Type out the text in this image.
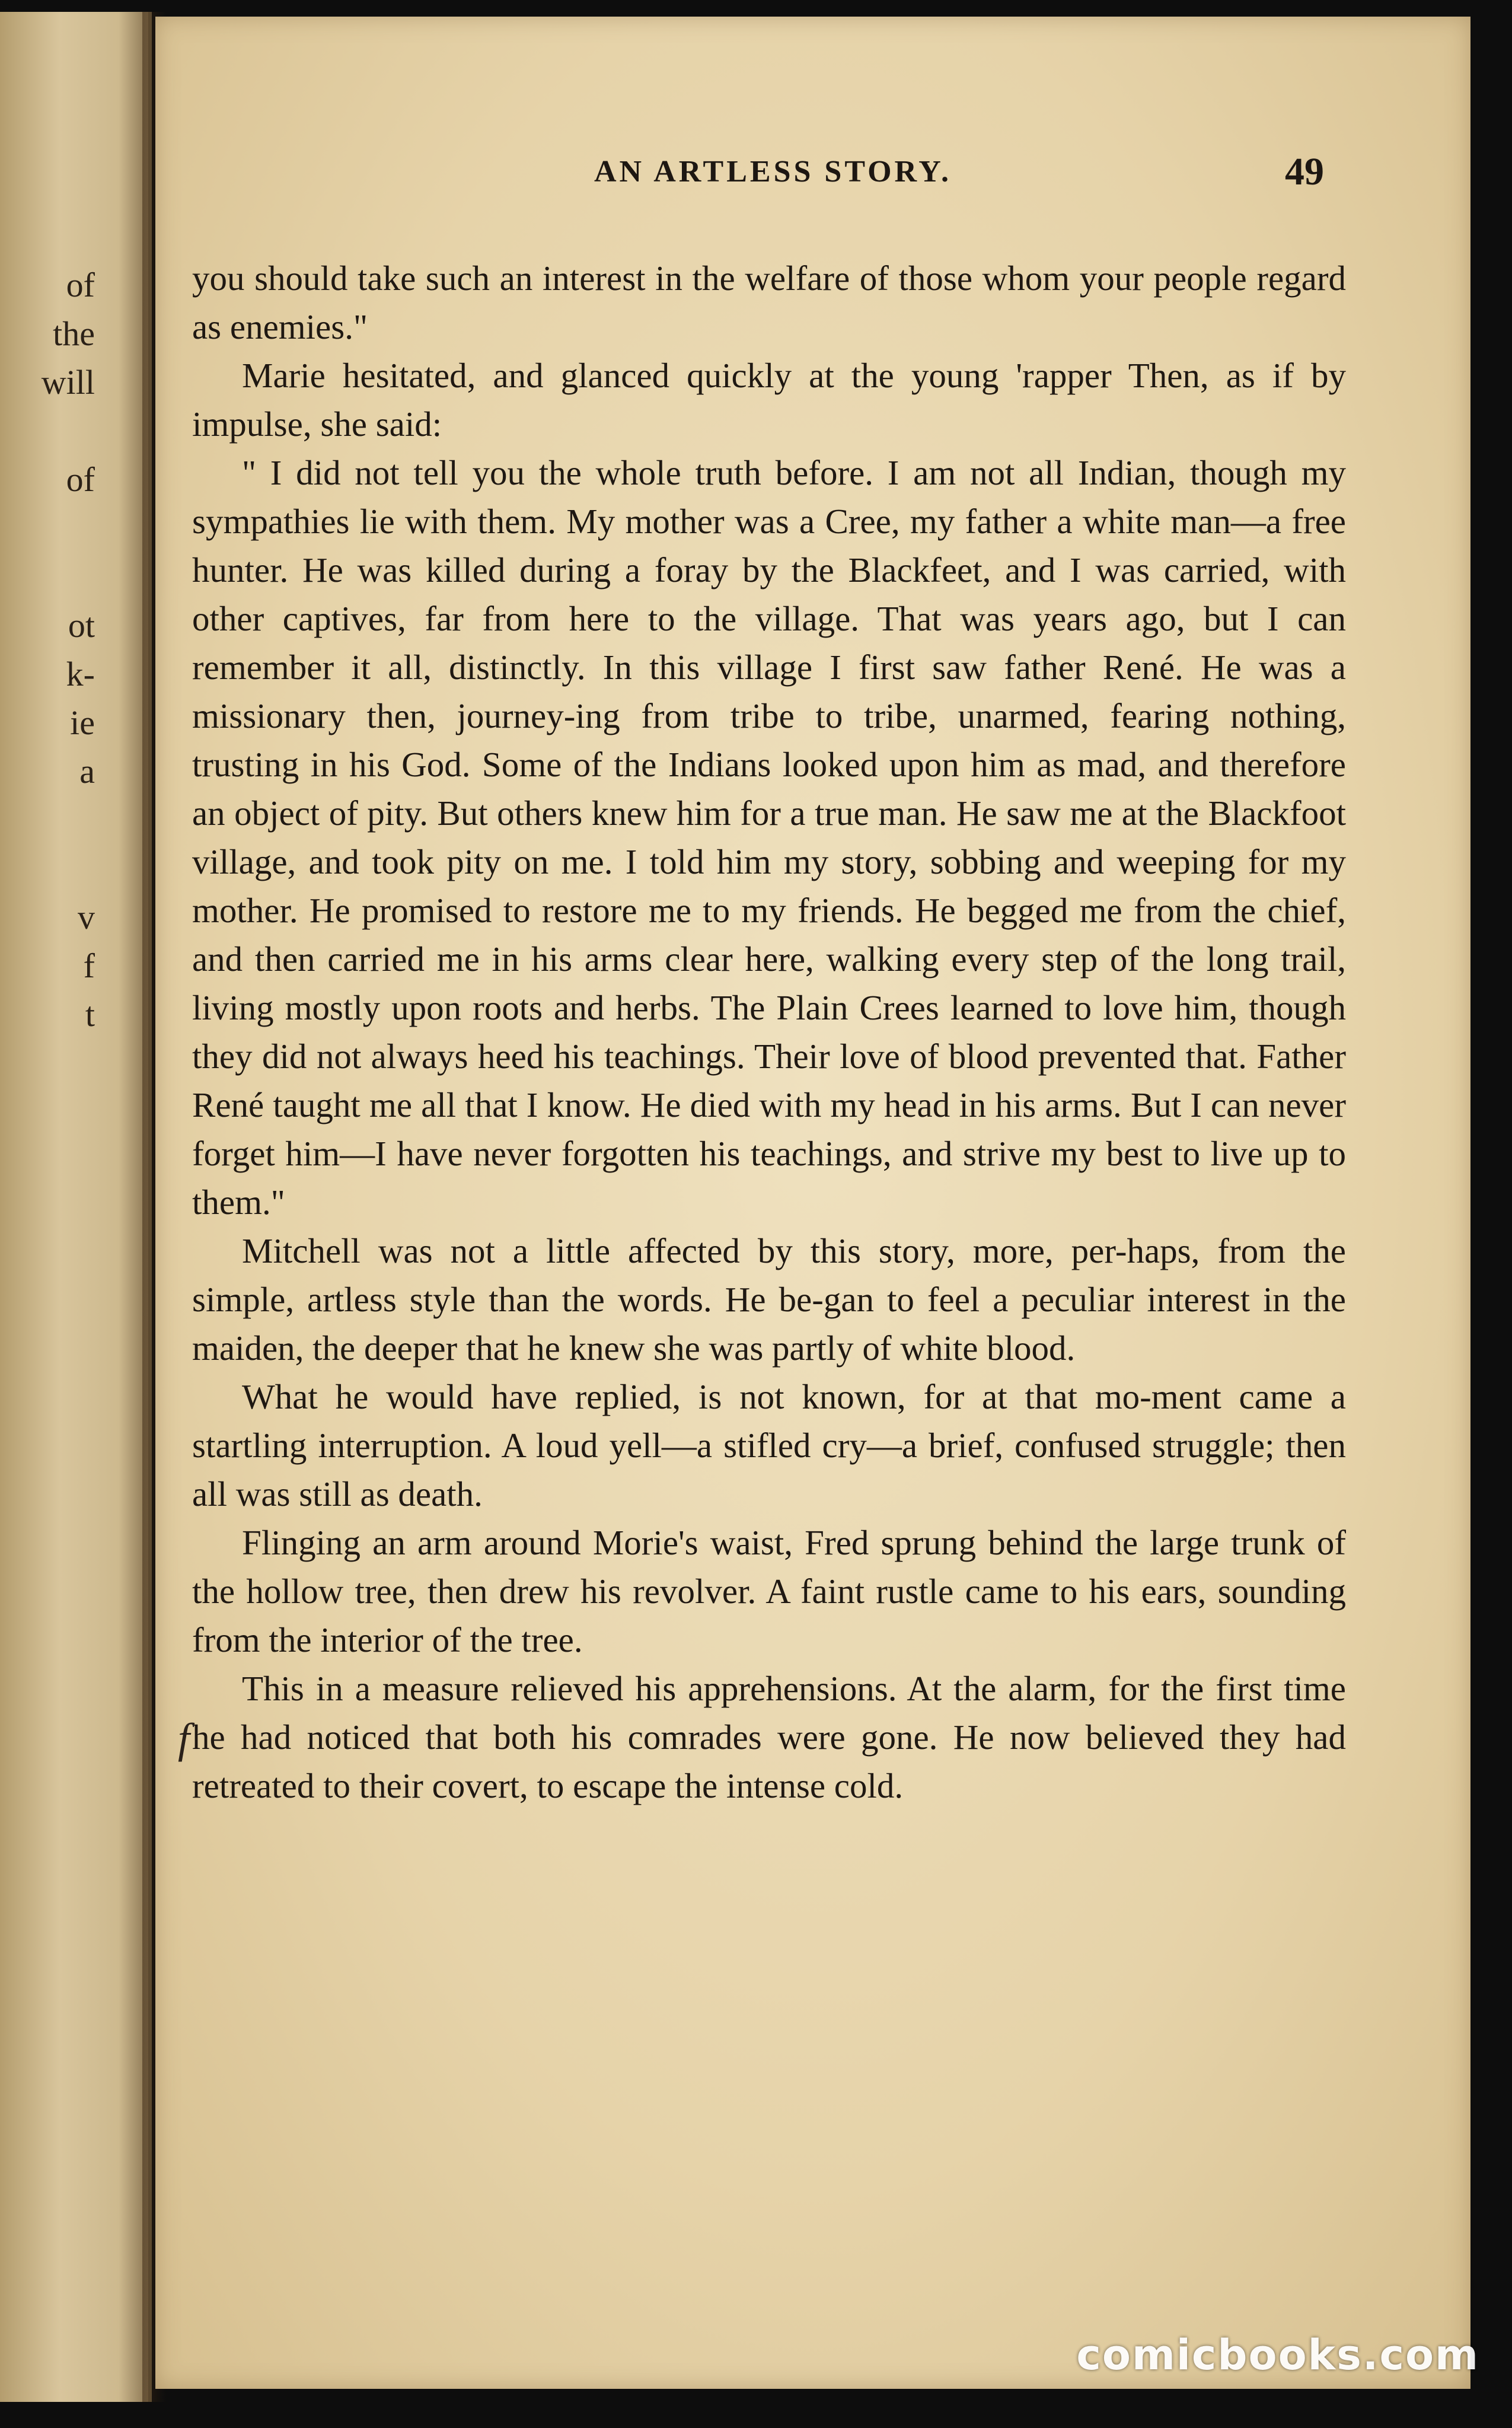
of
the
will
of
ot
k-
ie
a
v
f
t
AN ARTLESS STORY.	49

you should take such an interest in the welfare of those whom your people regard as enemies."

Marie hesitated, and glanced quickly at the young 'rapper Then, as if by impulse, she said:

" I did not tell you the whole truth before. I am not all Indian, though my sympathies lie with them. My mother was a Cree, my father a white man—a free hunter. He was killed during a foray by the Blackfeet, and I was carried, with other captives, far from here to the village. That was years ago, but I can remember it all, distinctly. In this village I first saw father René. He was a missionary then, journey-ing from tribe to tribe, unarmed, fearing nothing, trusting in his God. Some of the Indians looked upon him as mad, and therefore an object of pity. But others knew him for a true man. He saw me at the Blackfoot village, and took pity on me. I told him my story, sobbing and weeping for my mother. He promised to restore me to my friends. He begged me from the chief, and then carried me in his arms clear here, walking every step of the long trail, living mostly upon roots and herbs. The Plain Crees learned to love him, though they did not always heed his teachings. Their love of blood prevented that. Father René taught me all that I know. He died with my head in his arms. But I can never forget him—I have never forgotten his teachings, and strive my best to live up to them."

Mitchell was not a little affected by this story, more, per-haps, from the simple, artless style than the words. He be-gan to feel a peculiar interest in the maiden, the deeper that he knew she was partly of white blood.

What he would have replied, is not known, for at that mo-ment came a startling interruption. A loud yell—a stifled cry—a brief, confused struggle; then all was still as death.

Flinging an arm around Morie's waist, Fred sprung behind the large trunk of the hollow tree, then drew his revolver. A faint rustle came to his ears, sounding from the interior of the tree.

This in a measure relieved his apprehensions. At the alarm, for the first time he had noticed that both his comrades were gone. He now believed they had retreated to their covert, to escape the intense cold.

f
comicbooks.com
